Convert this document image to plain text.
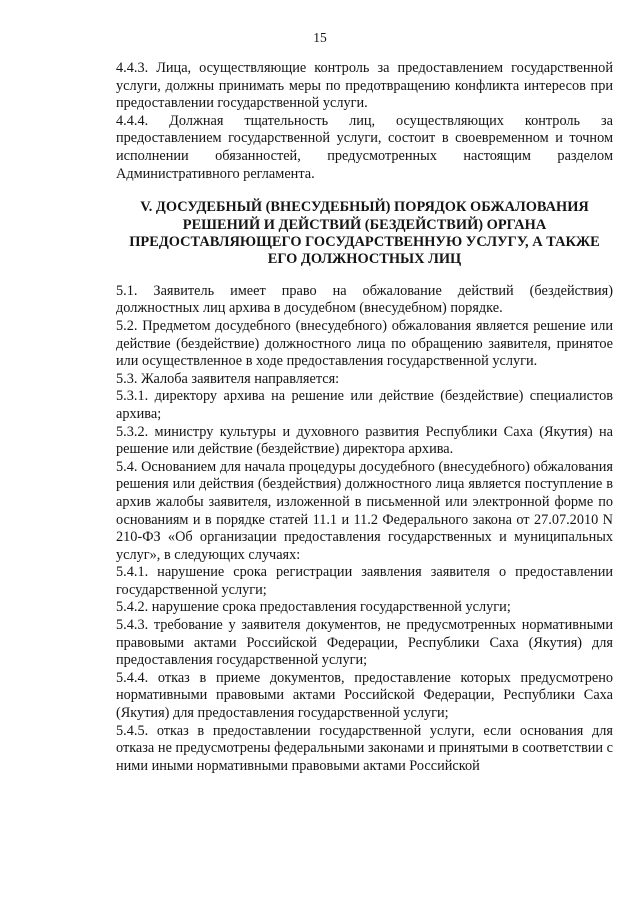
15

4.4.3. Лица, осуществляющие контроль за предоставлением государственной услуги, должны принимать меры по предотвращению конфликта интересов при предоставлении государственной услуги.

4.4.4. Должная тщательность лиц, осуществляющих контроль за предоставлением государственной услуги, состоит в своевременном и точном исполнении обязанностей, предусмотренных настоящим разделом Административного регламента.

V. ДОСУДЕБНЫЙ (ВНЕСУДЕБНЫЙ) ПОРЯДОК ОБЖАЛОВАНИЯ
РЕШЕНИЙ И ДЕЙСТВИЙ (БЕЗДЕЙСТВИЙ) ОРГАНА
ПРЕДОСТАВЛЯЮЩЕГО ГОСУДАРСТВЕННУЮ УСЛУГУ, А ТАКЖЕ
ЕГО ДОЛЖНОСТНЫХ ЛИЦ

5.1. Заявитель имеет право на обжалование действий (бездействия) должностных лиц архива в досудебном (внесудебном) порядке.

5.2. Предметом досудебного (внесудебного) обжалования является решение или действие (бездействие) должностного лица по обращению заявителя, принятое или осуществленное в ходе предоставления государственной услуги.

5.3. Жалоба заявителя направляется:

5.3.1. директору архива на решение или действие (бездействие) специалистов архива;

5.3.2. министру культуры и духовного развития Республики Саха (Якутия) на решение или действие (бездействие) директора архива.

5.4. Основанием для начала процедуры досудебного (внесудебного) обжалования решения или действия (бездействия) должностного лица является поступление в архив жалобы заявителя, изложенной в письменной или электронной форме по основаниям и в порядке статей 11.1 и 11.2 Федерального закона от 27.07.2010 N 210-ФЗ «Об организации предоставления государственных и муниципальных услуг», в следующих случаях:

5.4.1. нарушение срока регистрации заявления заявителя о предоставлении государственной услуги;

5.4.2. нарушение срока предоставления государственной услуги;

5.4.3. требование у заявителя документов, не предусмотренных нормативными правовыми актами Российской Федерации, Республики Саха (Якутия) для предоставления государственной услуги;

5.4.4. отказ в приеме документов, предоставление которых предусмотрено нормативными правовыми актами Российской Федерации, Республики Саха (Якутия) для предоставления государственной услуги;

5.4.5. отказ в предоставлении государственной услуги, если основания для отказа не предусмотрены федеральными законами и принятыми в соответствии с ними иными нормативными правовыми актами Российской
